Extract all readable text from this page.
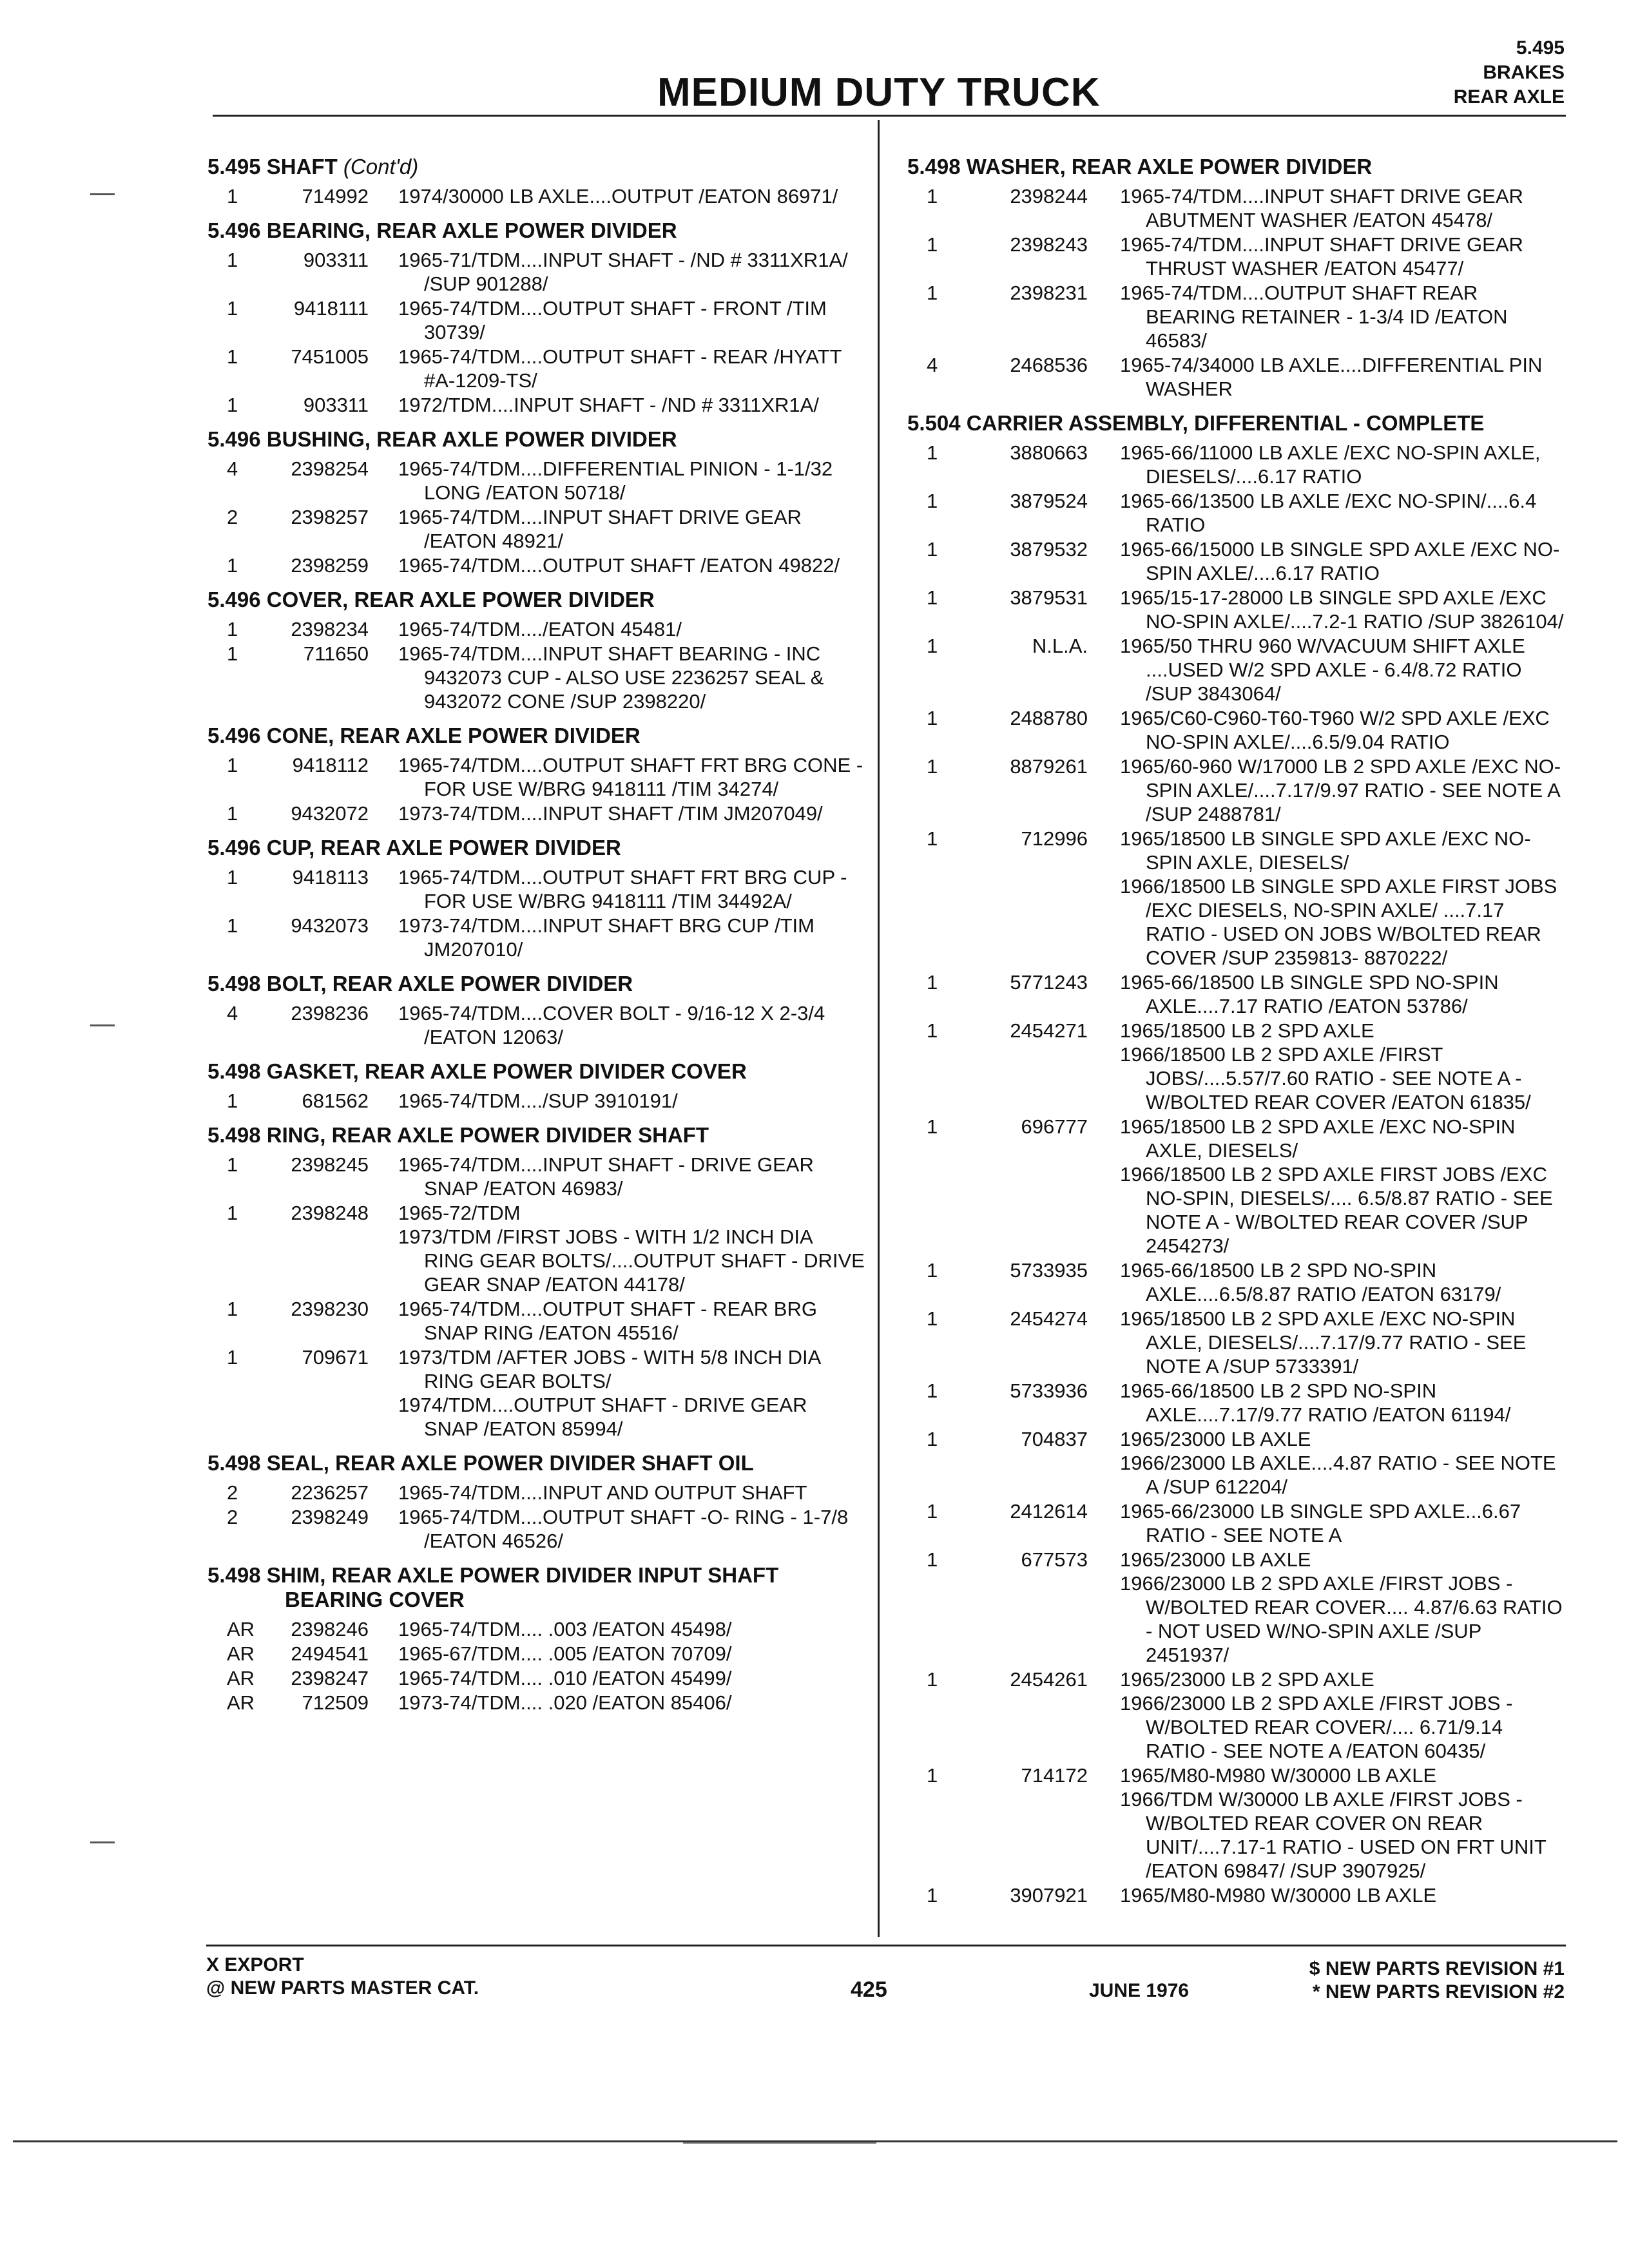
MEDIUM DUTY TRUCK
5.495
BRAKES
REAR AXLE
5.495 SHAFT (Cont'd)
1	714992 1974/30000 LB AXLE....OUTPUT /EATON 86971/
5.496 BEARING, REAR AXLE POWER DIVIDER
1	903311 1965-71/TDM....INPUT SHAFT - /ND # 3311XR1A/ /SUP 901288/
1	9418111 1965-74/TDM....OUTPUT SHAFT - FRONT /TIM 30739/
1	7451005 1965-74/TDM....OUTPUT SHAFT - REAR /HYATT #A-1209-TS/
1	903311 1972/TDM....INPUT SHAFT - /ND # 3311XR1A/
5.496 BUSHING, REAR AXLE POWER DIVIDER
4	2398254 1965-74/TDM....DIFFERENTIAL PINION - 1-1/32 LONG /EATON 50718/
2	2398257 1965-74/TDM....INPUT SHAFT DRIVE GEAR /EATON 48921/
1	2398259 1965-74/TDM....OUTPUT SHAFT /EATON 49822/
5.496 COVER, REAR AXLE POWER DIVIDER
1	2398234 1965-74/TDM..../EATON 45481/
1	711650 1965-74/TDM....INPUT SHAFT BEARING - INC 9432073 CUP - ALSO USE 2236257 SEAL & 9432072 CONE /SUP 2398220/
5.496 CONE, REAR AXLE POWER DIVIDER
1	9418112 1965-74/TDM....OUTPUT SHAFT FRT BRG CONE - FOR USE W/BRG 9418111 /TIM 34274/
1	9432072 1973-74/TDM....INPUT SHAFT /TIM JM207049/
5.496 CUP, REAR AXLE POWER DIVIDER
1	9418113 1965-74/TDM....OUTPUT SHAFT FRT BRG CUP - FOR USE W/BRG 9418111 /TIM 34492A/
1	9432073 1973-74/TDM....INPUT SHAFT BRG CUP /TIM JM207010/
5.498 BOLT, REAR AXLE POWER DIVIDER
4	2398236 1965-74/TDM....COVER BOLT - 9/16-12 X 2-3/4 /EATON 12063/
5.498 GASKET, REAR AXLE POWER DIVIDER COVER
1	681562 1965-74/TDM..../SUP 3910191/
5.498 RING, REAR AXLE POWER DIVIDER SHAFT
1	2398245 1965-74/TDM....INPUT SHAFT - DRIVE GEAR SNAP /EATON 46983/
1	2398248 1965-72/TDM
1973/TDM /FIRST JOBS - WITH 1/2 INCH DIA RING GEAR BOLTS/....OUTPUT SHAFT - DRIVE GEAR SNAP /EATON 44178/
1	2398230 1965-74/TDM....OUTPUT SHAFT - REAR BRG SNAP RING /EATON 45516/
1	709671 1973/TDM /AFTER JOBS - WITH 5/8 INCH DIA RING GEAR BOLTS/
1974/TDM....OUTPUT SHAFT - DRIVE GEAR SNAP /EATON 85994/
5.498 SEAL, REAR AXLE POWER DIVIDER SHAFT OIL
2	2236257 1965-74/TDM....INPUT AND OUTPUT SHAFT
2	2398249 1965-74/TDM....OUTPUT SHAFT -O- RING - 1-7/8 /EATON 46526/
5.498 SHIM, REAR AXLE POWER DIVIDER INPUT SHAFT
BEARING COVER
AR	2398246 1965-74/TDM.... .003 /EATON 45498/
AR	2494541 1965-67/TDM.... .005 /EATON 70709/
AR	2398247 1965-74/TDM.... .010 /EATON 45499/
AR	712509 1973-74/TDM.... .020 /EATON 85406/
5.498 WASHER, REAR AXLE POWER DIVIDER
1	2398244 1965-74/TDM....INPUT SHAFT DRIVE GEAR ABUTMENT WASHER /EATON 45478/
1	2398243 1965-74/TDM....INPUT SHAFT DRIVE GEAR THRUST WASHER /EATON 45477/
1	2398231 1965-74/TDM....OUTPUT SHAFT REAR BEARING RETAINER - 1-3/4 ID /EATON 46583/
4	2468536 1965-74/34000 LB AXLE....DIFFERENTIAL PIN WASHER
5.504 CARRIER ASSEMBLY, DIFFERENTIAL - COMPLETE
1	3880663 1965-66/11000 LB AXLE /EXC NO-SPIN AXLE, DIESELS/....6.17 RATIO
1	3879524 1965-66/13500 LB AXLE /EXC NO-SPIN/....6.4 RATIO
1	3879532 1965-66/15000 LB SINGLE SPD AXLE /EXC NO-SPIN AXLE/....6.17 RATIO
1	3879531 1965/15-17-28000 LB SINGLE SPD AXLE /EXC NO-SPIN AXLE/....7.2-1 RATIO /SUP 3826104/
1	N.L.A. 1965/50 THRU 960 W/VACUUM SHIFT AXLE ....USED W/2 SPD AXLE - 6.4/8.72 RATIO /SUP 3843064/
1	2488780 1965/C60-C960-T60-T960 W/2 SPD AXLE /EXC NO-SPIN AXLE/....6.5/9.04 RATIO
1	8879261 1965/60-960 W/17000 LB 2 SPD AXLE /EXC NO-SPIN AXLE/....7.17/9.97 RATIO - SEE NOTE A /SUP 2488781/
1	712996 1965/18500 LB SINGLE SPD AXLE /EXC NO-SPIN AXLE, DIESELS/
1966/18500 LB SINGLE SPD AXLE FIRST JOBS /EXC DIESELS, NO-SPIN AXLE/ ....7.17 RATIO - USED ON JOBS W/BOLTED REAR COVER /SUP 2359813- 8870222/
1	5771243 1965-66/18500 LB SINGLE SPD NO-SPIN AXLE....7.17 RATIO /EATON 53786/
1	2454271 1965/18500 LB 2 SPD AXLE
1966/18500 LB 2 SPD AXLE /FIRST JOBS/....5.57/7.60 RATIO - SEE NOTE A - W/BOLTED REAR COVER /EATON 61835/
1	696777 1965/18500 LB 2 SPD AXLE /EXC NO-SPIN AXLE, DIESELS/
1966/18500 LB 2 SPD AXLE FIRST JOBS /EXC NO-SPIN, DIESELS/.... 6.5/8.87 RATIO - SEE NOTE A - W/BOLTED REAR COVER /SUP 2454273/
1	5733935 1965-66/18500 LB 2 SPD NO-SPIN AXLE....6.5/8.87 RATIO /EATON 63179/
1	2454274 1965/18500 LB 2 SPD AXLE /EXC NO-SPIN AXLE, DIESELS/....7.17/9.77 RATIO - SEE NOTE A /SUP 5733391/
1	5733936 1965-66/18500 LB 2 SPD NO-SPIN AXLE....7.17/9.77 RATIO /EATON 61194/
1	704837 1965/23000 LB AXLE
1966/23000 LB AXLE....4.87 RATIO - SEE NOTE A /SUP 612204/
1	2412614 1965-66/23000 LB SINGLE SPD AXLE...6.67 RATIO - SEE NOTE A
1	677573 1965/23000 LB AXLE
1966/23000 LB 2 SPD AXLE /FIRST JOBS - W/BOLTED REAR COVER.... 4.87/6.63 RATIO - NOT USED W/NO-SPIN AXLE /SUP 2451937/
1	2454261 1965/23000 LB 2 SPD AXLE
1966/23000 LB 2 SPD AXLE /FIRST JOBS - W/BOLTED REAR COVER/.... 6.71/9.14 RATIO - SEE NOTE A /EATON 60435/
1	714172 1965/M80-M980 W/30000 LB AXLE
1966/TDM W/30000 LB AXLE /FIRST JOBS - W/BOLTED REAR COVER ON REAR UNIT/....7.17-1 RATIO - USED ON FRT UNIT /EATON 69847/ /SUP 3907925/
1	3907921 1965/M80-M980 W/30000 LB AXLE
X EXPORT
@ NEW PARTS MASTER CAT.	425	JUNE 1976
$ NEW PARTS REVISION #1
* NEW PARTS REVISION #2
